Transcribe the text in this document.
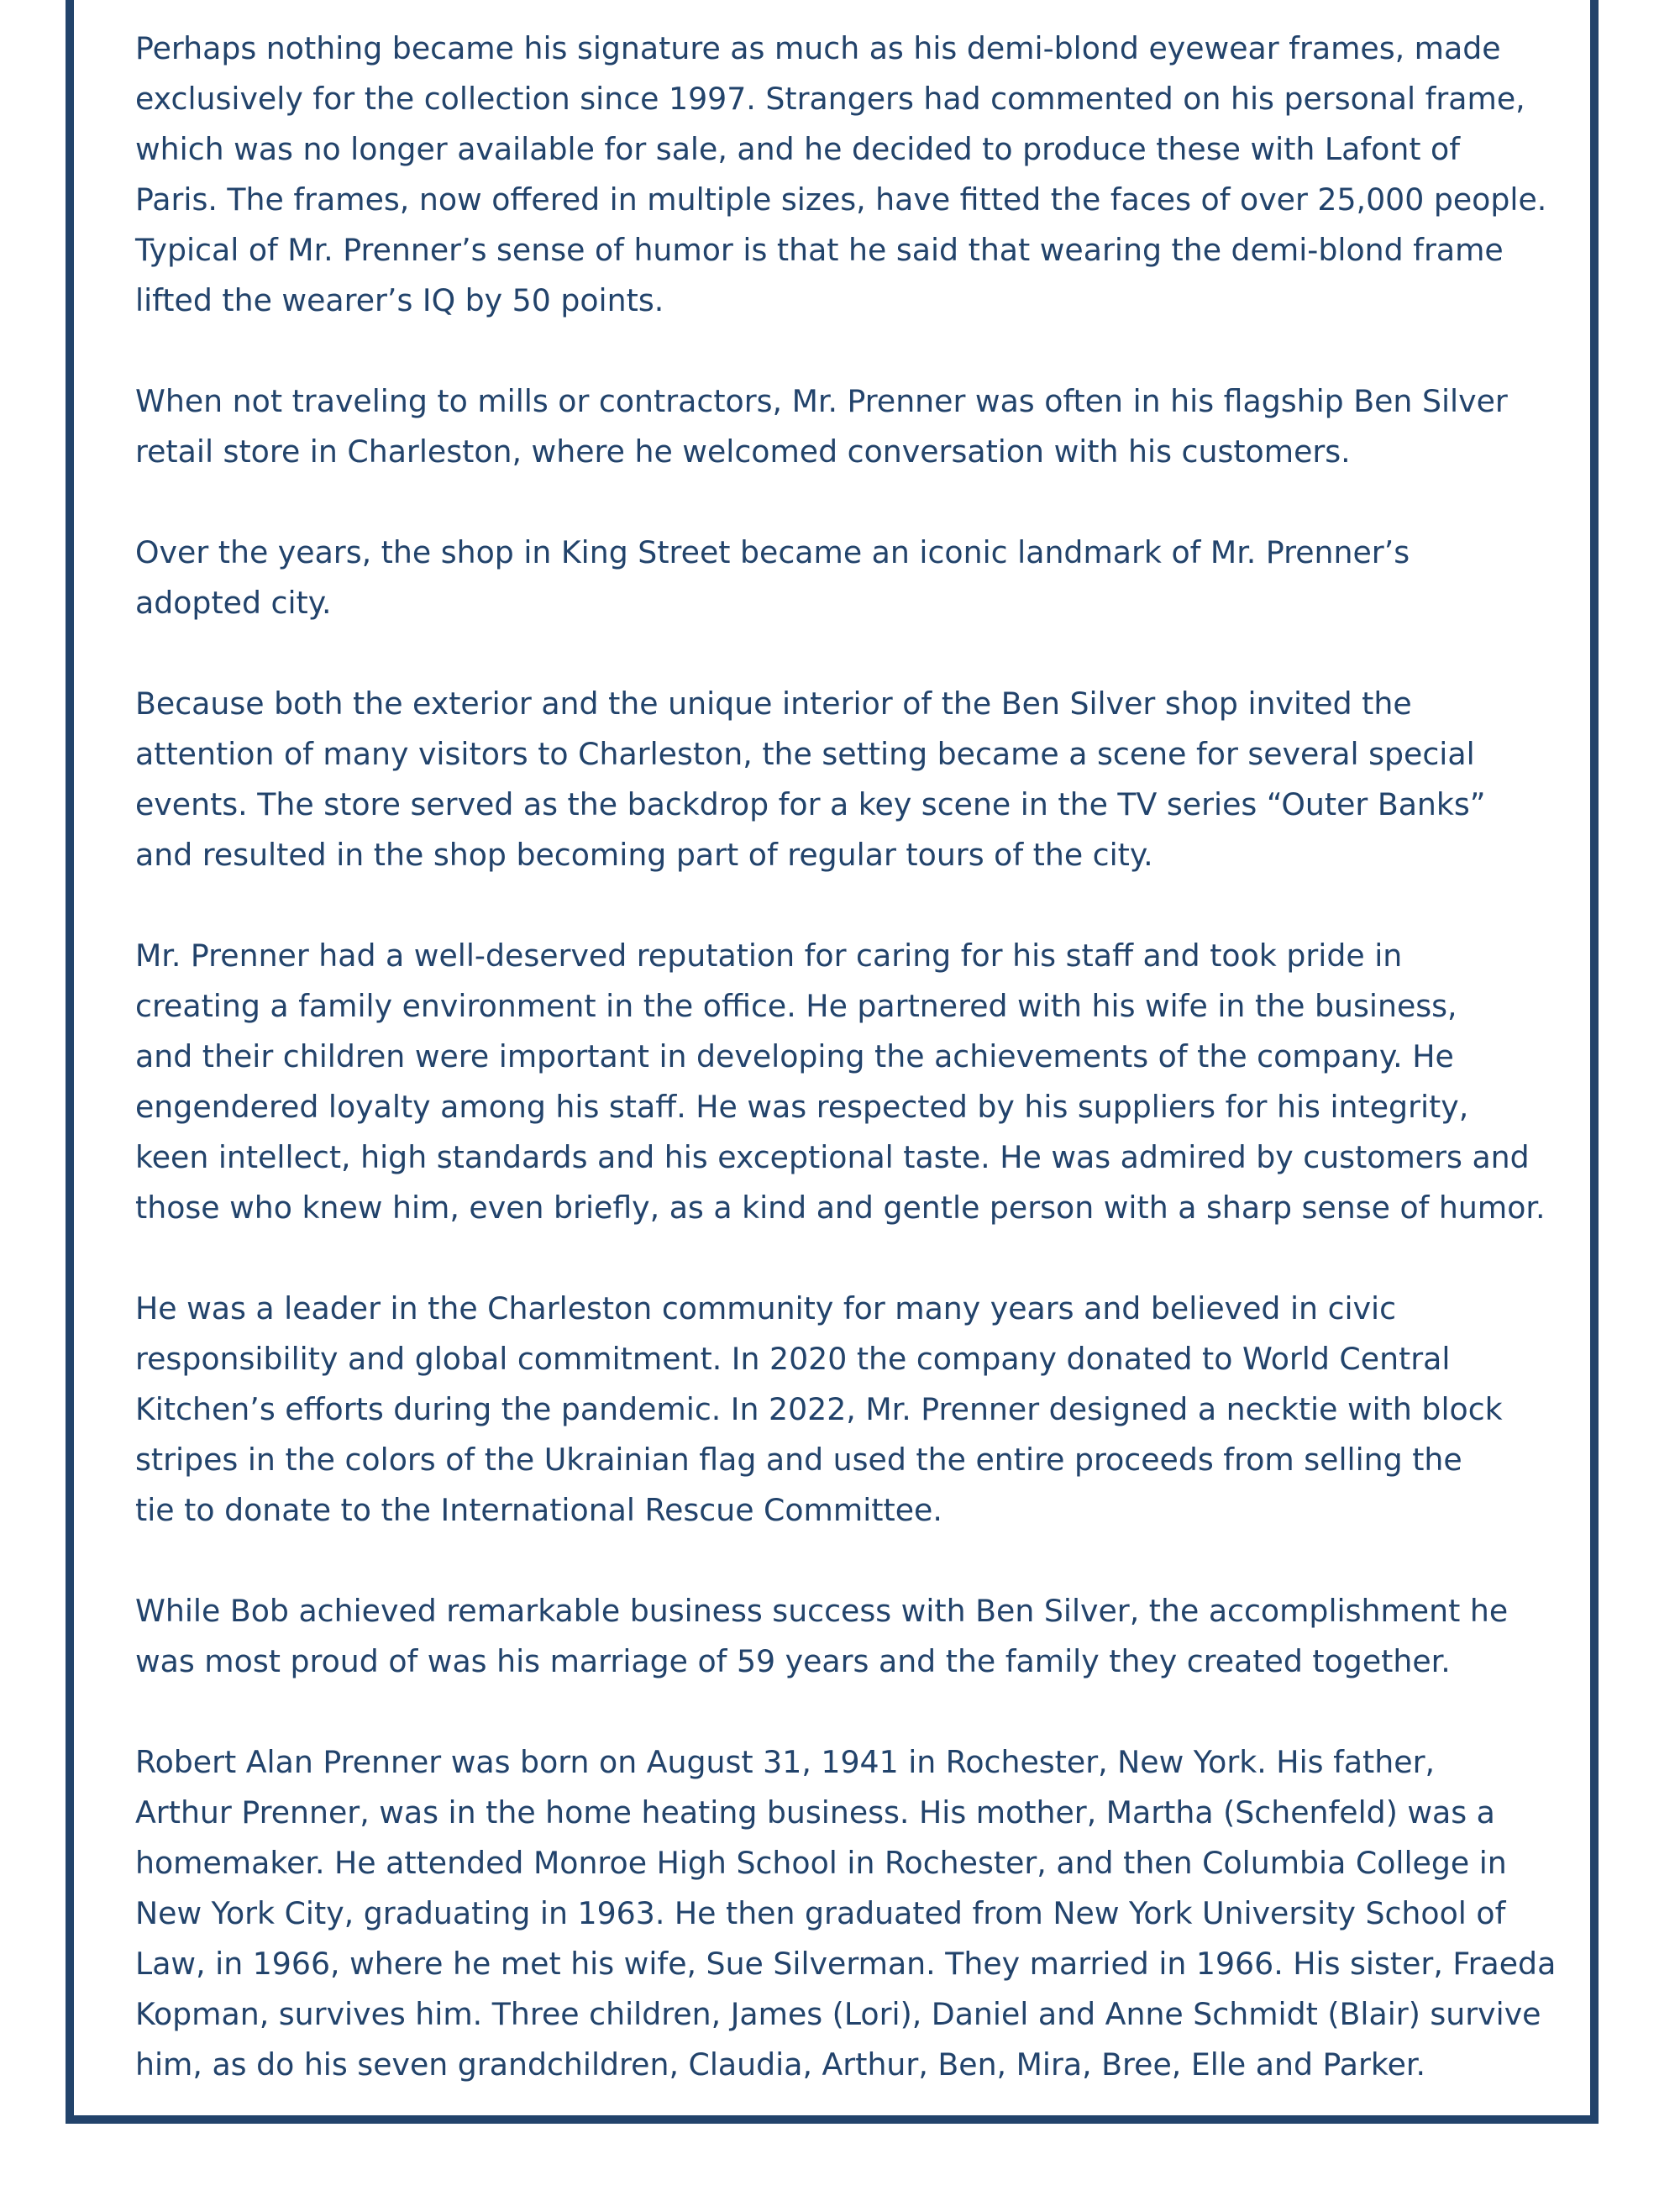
Perhaps nothing became his signature as much as his demi-blond eyewear frames, made
exclusively for the collection since 1997. Strangers had commented on his personal frame,
which was no longer available for sale, and he decided to produce these with Lafont of
Paris. The frames, now offered in multiple sizes, have fitted the faces of over 25,000 people.
Typical of Mr. Prenner’s sense of humor is that he said that wearing the demi-blond frame
lifted the wearer’s IQ by 50 points.

When not traveling to mills or contractors, Mr. Prenner was often in his flagship Ben Silver
retail store in Charleston, where he welcomed conversation with his customers.

Over the years, the shop in King Street became an iconic landmark of Mr. Prenner’s
adopted city.

Because both the exterior and the unique interior of the Ben Silver shop invited the
attention of many visitors to Charleston, the setting became a scene for several special
events. The store served as the backdrop for a key scene in the TV series “Outer Banks”
and resulted in the shop becoming part of regular tours of the city.

Mr. Prenner had a well-deserved reputation for caring for his staff and took pride in
creating a family environment in the office. He partnered with his wife in the business,
and their children were important in developing the achievements of the company. He
engendered loyalty among his staff. He was respected by his suppliers for his integrity,
keen intellect, high standards and his exceptional taste. He was admired by customers and
those who knew him, even briefly, as a kind and gentle person with a sharp sense of humor.

He was a leader in the Charleston community for many years and believed in civic
responsibility and global commitment. In 2020 the company donated to World Central
Kitchen’s efforts during the pandemic. In 2022, Mr. Prenner designed a necktie with block
stripes in the colors of the Ukrainian flag and used the entire proceeds from selling the
tie to donate to the International Rescue Committee.

While Bob achieved remarkable business success with Ben Silver, the accomplishment he
was most proud of was his marriage of 59 years and the family they created together.

Robert Alan Prenner was born on August 31, 1941 in Rochester, New York. His father,
Arthur Prenner, was in the home heating business. His mother, Martha (Schenfeld) was a
homemaker. He attended Monroe High School in Rochester, and then Columbia College in
New York City, graduating in 1963. He then graduated from New York University School of
Law, in 1966, where he met his wife, Sue Silverman. They married in 1966. His sister, Fraeda
Kopman, survives him. Three children, James (Lori), Daniel and Anne Schmidt (Blair) survive
him, as do his seven grandchildren, Claudia, Arthur, Ben, Mira, Bree, Elle and Parker.
